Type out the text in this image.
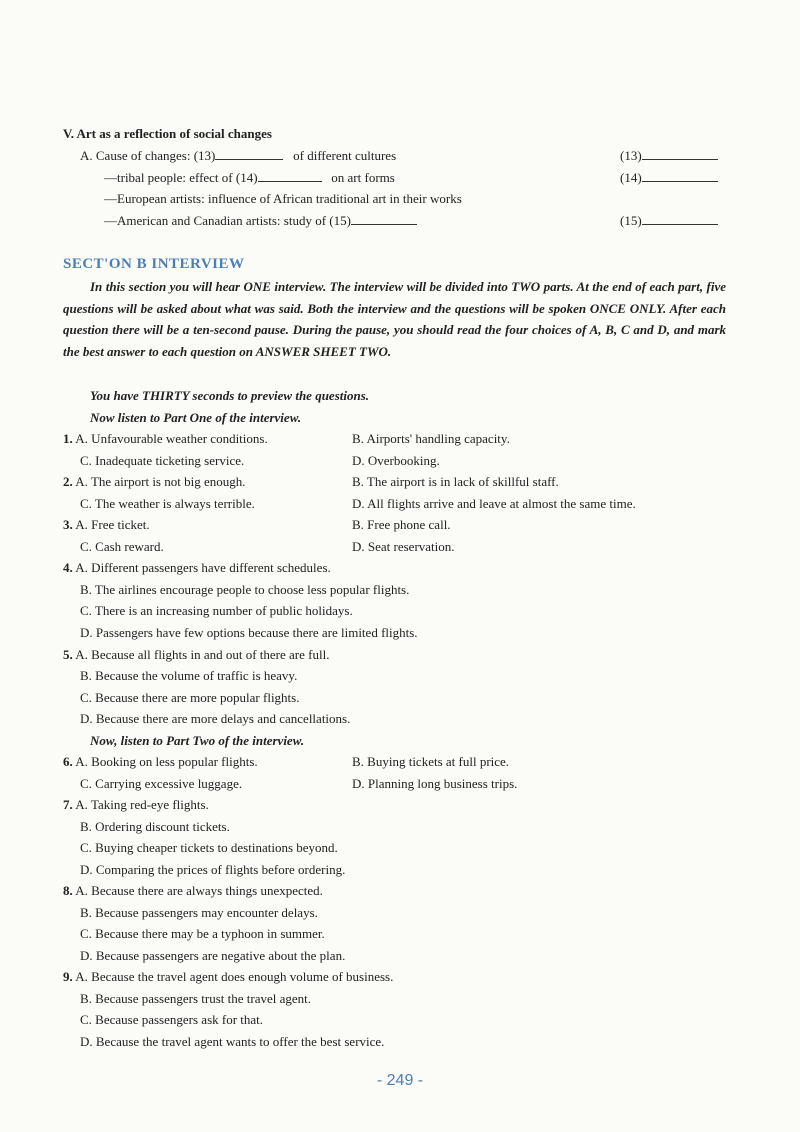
V. Art as a reflection of social changes
A. Cause of changes: (13)	of different cultures	(13)
—tribal people: effect of (14)	on art forms	(14)
—European artists: influence of African traditional art in their works
—American and Canadian artists: study of (15)	(15)
SECT'ON B INTERVIEW
In this section you will hear ONE interview. The interview will be divided into TWO parts. At the end of each part, five questions will be asked about what was said. Both the interview and the questions will be spoken ONCE ONLY. After each question there will be a ten-second pause. During the pause, you should read the four choices of A, B, C and D, and mark the best answer to each question on ANSWER SHEET TWO.
You have THIRTY seconds to preview the questions.
Now listen to Part One of the interview.
1. A. Unfavourable weather conditions.	B. Airports' handling capacity.
C. Inadequate ticketing service.	D. Overbooking.
2. A. The airport is not big enough.	B. The airport is in lack of skillful staff.
C. The weather is always terrible.	D. All flights arrive and leave at almost the same time.
3. A. Free ticket.	B. Free phone call.
C. Cash reward.	D. Seat reservation.
4. A. Different passengers have different schedules.
B. The airlines encourage people to choose less popular flights.
C. There is an increasing number of public holidays.
D. Passengers have few options because there are limited flights.
5. A. Because all flights in and out of there are full.
B. Because the volume of traffic is heavy.
C. Because there are more popular flights.
D. Because there are more delays and cancellations.
Now, listen to Part Two of the interview.
6. A. Booking on less popular flights.	B. Buying tickets at full price.
C. Carrying excessive luggage.	D. Planning long business trips.
7. A. Taking red-eye flights.
B. Ordering discount tickets.
C. Buying cheaper tickets to destinations beyond.
D. Comparing the prices of flights before ordering.
8. A. Because there are always things unexpected.
B. Because passengers may encounter delays.
C. Because there may be a typhoon in summer.
D. Because passengers are negative about the plan.
9. A. Because the travel agent does enough volume of business.
B. Because passengers trust the travel agent.
C. Because passengers ask for that.
D. Because the travel agent wants to offer the best service.
- 249 -
